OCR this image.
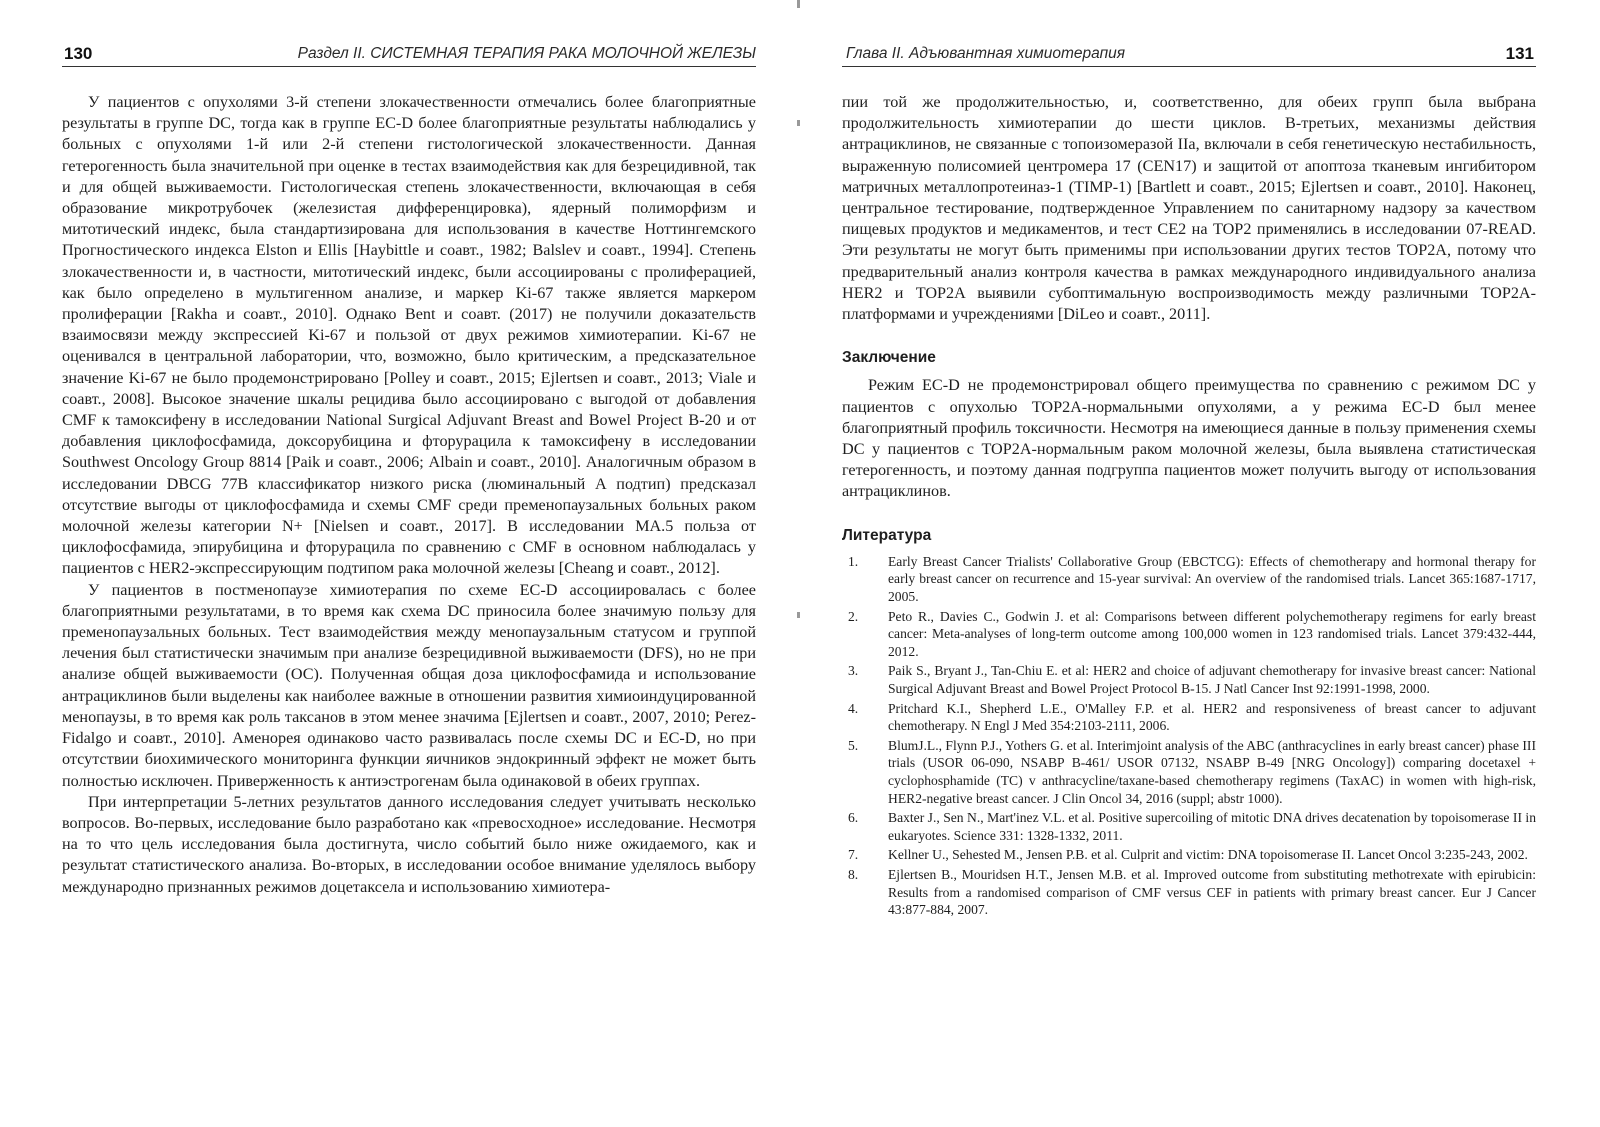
130	Раздел II. СИСТЕМНАЯ ТЕРАПИЯ РАКА МОЛОЧНОЙ ЖЕЛЕЗЫ

У пациентов с опухолями 3-й степени злокачественности отмечались более благоприятные результаты в группе DC, тогда как в группе EC-D более благоприятные результаты наблюдались у больных с опухолями 1-й или 2-й степени гистологической злокачественности. Данная гетерогенность была значительной при оценке в тестах взаимодействия как для безрецидивной, так и для общей выживаемости. Гистологическая степень злокачественности, включающая в себя образование микротрубочек (железистая дифференцировка), ядерный полиморфизм и митотический индекс, была стандартизирована для использования в качестве Ноттингемского Прогностического индекса Elston и Ellis [Haybittle и соавт., 1982; Balslev и соавт., 1994]. Степень злокачественности и, в частности, митотический индекс, были ассоциированы с пролиферацией, как было определено в мультигенном анализе, и маркер Ki-67 также является маркером пролиферации [Rakha и соавт., 2010]. Однако Bent и соавт. (2017) не получили доказательств взаимосвязи между экспрессией Ki-67 и пользой от двух режимов химиотерапии. Ki-67 не оценивался в центральной лаборатории, что, возможно, было критическим, а предсказательное значение Ki-67 не было продемонстрировано [Polley и соавт., 2015; Ejlertsen и соавт., 2013; Viale и соавт., 2008]. Высокое значение шкалы рецидива было ассоциировано с выгодой от добавления CMF к тамоксифену в исследовании National Surgical Adjuvant Breast and Bowel Project B-20 и от добавления циклофосфамида, доксорубицина и фторурацила к тамоксифену в исследовании Southwest Oncology Group 8814 [Paik и соавт., 2006; Albain и соавт., 2010]. Аналогичным образом в исследовании DBCG 77B классификатор низкого риска (люминальный А подтип) предсказал отсутствие выгоды от циклофосфамида и схемы CMF среди пременопаузальных больных раком молочной железы категории N+ [Nielsen и соавт., 2017]. В исследовании MA.5 польза от циклофосфамида, эпирубицина и фторурацила по сравнению с CMF в основном наблюдалась у пациентов с HER2-экспрессирующим подтипом рака молочной железы [Cheang и соавт., 2012].

У пациентов в постменопаузе химиотерапия по схеме EC-D ассоциировалась с более благоприятными результатами, в то время как схема DC приносила более значимую пользу для пременопаузальных больных. Тест взаимодействия между менопаузальным статусом и группой лечения был статистически значимым при анализе безрецидивной выживаемости (DFS), но не при анализе общей выживаемости (ОС). Полученная общая доза циклофосфамида и использование антрациклинов были выделены как наиболее важные в отношении развития химиоиндуцированной менопаузы, в то время как роль таксанов в этом менее значима [Ejlertsen и соавт., 2007, 2010; Perez-Fidalgo и соавт., 2010]. Аменорея одинаково часто развивалась после схемы DC и EC-D, но при отсутствии биохимического мониторинга функции яичников эндокринный эффект не может быть полностью исключен. Приверженность к антиэстрогенам была одинаковой в обеих группах.

При интерпретации 5-летних результатов данного исследования следует учитывать несколько вопросов. Во-первых, исследование было разработано как «превосходное» исследование. Несмотря на то что цель исследования была достигнута, число событий было ниже ожидаемого, как и результат статистического анализа. Во-вторых, в исследовании особое внимание уделялось выбору международно признанных режимов доцетаксела и использованию химиотера-

Глава II. Адъювантная химиотерапия	131

пии той же продолжительностью, и, соответственно, для обеих групп была выбрана продолжительность химиотерапии до шести циклов. В-третьих, механизмы действия антрациклинов, не связанные с топоизомеразой IIa, включали в себя генетическую нестабильность, выраженную полисомией центромера 17 (CEN17) и защитой от апоптоза тканевым ингибитором матричных металлопротеиназ-1 (TIMP-1) [Bartlett и соавт., 2015; Ejlertsen и соавт., 2010]. Наконец, центральное тестирование, подтвержденное Управлением по санитарному надзору за качеством пищевых продуктов и медикаментов, и тест CE2 на TOP2 применялись в исследовании 07-READ. Эти результаты не могут быть применимы при использовании других тестов TOP2A, потому что предварительный анализ контроля качества в рамках международного индивидуального анализа HER2 и TOP2A выявили субоптимальную воспроизводимость между различными TOP2A-платформами и учреждениями [DiLeo и соавт., 2011].

Заключение

Режим EC-D не продемонстрировал общего преимущества по сравнению с режимом DC у пациентов с опухолью TOP2A-нормальными опухолями, а у режима EC-D был менее благоприятный профиль токсичности. Несмотря на имеющиеся данные в пользу применения схемы DC у пациентов с TOP2A-нормальным раком молочной железы, была выявлена статистическая гетерогенность, и поэтому данная подгруппа пациентов может получить выгоду от использования антрациклинов.

Литература
1.	Early Breast Cancer Trialists' Collaborative Group (EBCTCG): Effects of chemotherapy and hormonal therapy for early breast cancer on recurrence and 15-year survival: An overview of the randomised trials. Lancet 365:1687-1717, 2005.
2.	Peto R., Davies C., Godwin J. et al: Comparisons between different polychemotherapy regimens for early breast cancer: Meta-analyses of long-term outcome among 100,000 women in 123 randomised trials. Lancet 379:432-444, 2012.
3.	Paik S., Bryant J., Tan-Chiu E. et al: HER2 and choice of adjuvant chemotherapy for invasive breast cancer: National Surgical Adjuvant Breast and Bowel Project Protocol B-15. J Natl Cancer Inst 92:1991-1998, 2000.
4.	Pritchard K.I., Shepherd L.E., O'Malley F.P. et al. HER2 and responsiveness of breast cancer to adjuvant chemotherapy. N Engl J Med 354:2103-2111, 2006.
5.	BlumJ.L., Flynn P.J., Yothers G. et al. Interimjoint analysis of the ABC (anthracyclines in early breast cancer) phase III trials (USOR 06-090, NSABP B-461/ USOR 07132, NSABP B-49 [NRG Oncology]) comparing docetaxel + cyclophosphamide (TC) v anthracycline/taxane-based chemotherapy regimens (TaxAC) in women with high-risk, HER2-negative breast cancer. J Clin Oncol 34, 2016 (suppl; abstr 1000).
6.	Baxter J., Sen N., Mart'inez V.L. et al. Positive supercoiling of mitotic DNA drives decatenation by topoisomerase II in eukaryotes. Science 331: 1328-1332, 2011.
7.	Kellner U., Sehested M., Jensen P.B. et al. Culprit and victim: DNA topoisomerase II. Lancet Oncol 3:235-243, 2002.
8.	Ejlertsen B., Mouridsen H.T., Jensen M.B. et al. Improved outcome from substituting methotrexate with epirubicin: Results from a randomised comparison of CMF versus CEF in patients with primary breast cancer. Eur J Cancer 43:877-884, 2007.
